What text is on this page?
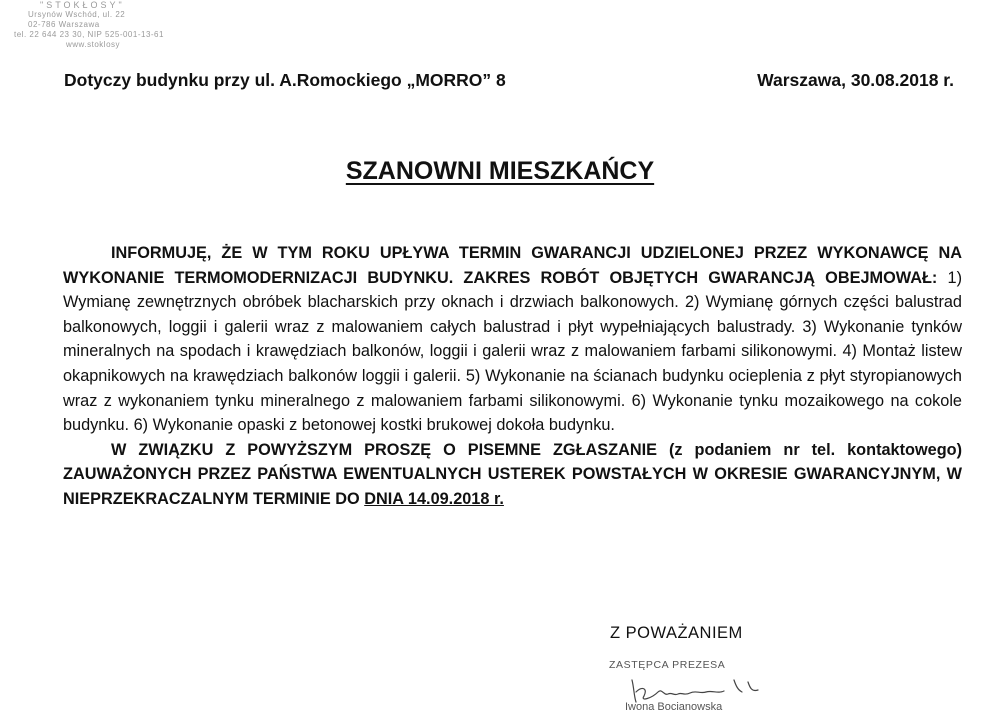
"STOKŁOSY"
Ursynów Wschód, ul. 22
02-786 Warszawa
tel. 22 644 23 30, NIP 525-001-13-61
www.stoklosy
Dotyczy budynku przy ul. A.Romockiego „MORRO” 8	Warszawa, 30.08.2018 r.
SZANOWNI MIESZKAŃCY

INFORMUJĘ, ŻE W TYM ROKU UPŁYWA TERMIN GWARANCJI UDZIELONEJ PRZEZ WYKONAWCĘ NA WYKONANIE TERMOMODERNIZACJI BUDYNKU. ZAKRES ROBÓT OBJĘTYCH GWARANCJĄ OBEJMOWAŁ: 1) Wymianę zewnętrznych obróbek blacharskich przy oknach i drzwiach balkonowych. 2) Wymianę górnych części balustrad balkonowych, loggii i galerii wraz z malowaniem całych balustrad i płyt wypełniających balustrady. 3) Wykonanie tynków mineralnych na spodach i krawędziach balkonów, loggii i galerii wraz z malowaniem farbami silikonowymi. 4) Montaż listew okapnikowych na krawędziach balkonów loggii i galerii. 5) Wykonanie na ścianach budynku ocieplenia z płyt styropianowych wraz z wykonaniem tynku mineralnego z malowaniem farbami silikonowymi. 6) Wykonanie tynku mozaikowego na cokole budynku. 6) Wykonanie opaski z betonowej kostki brukowej dokoła budynku.

W ZWIĄZKU Z POWYŻSZYM PROSZĘ O PISEMNE ZGŁASZANIE (z podaniem nr tel. kontaktowego) ZAUWAŻONYCH PRZEZ PAŃSTWA EWENTUALNYCH USTEREK POWSTAŁYCH W OKRESIE GWARANCYJNYM, W NIEPRZEKRACZALNYM TERMINIE DO DNIA 14.09.2018 r.

Z POWAŻANIEM
ZASTĘPCA PREZESA
Iwona Bocianowska
